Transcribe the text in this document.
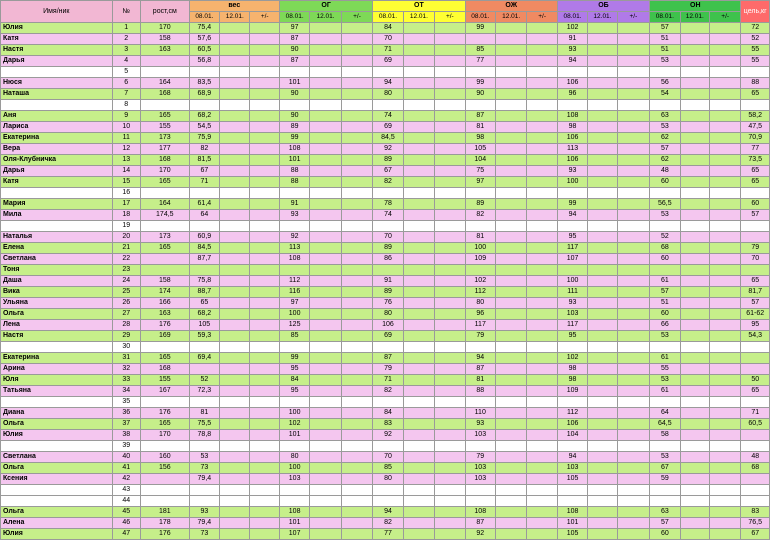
Имя/ник	№	рост,см	вес			ОГ			ОТ			ОЖ			ОБ			ОН			цель,кг
			08.01.	12.01.	+/-	08.01.	12.01.	+/-	08.01.	12.01.	+/-	08.01.	12.01.	+/-	08.01.	12.01.	+/-	08.01.	12.01.	+/-	
Юлия	1	170	75,4			97			84			99			102			57			72
Катя	2	158	57,6			87			70						91			51			52
Настя	3	163	60,5			90			71			85			93			51			55
Дарья	4		56,8			87			69			77			94			53			55
	5																				
Нюся	6	164	83,5			101			94			99			106			56			88
Наташа	7	168	68,9			90			80			90			96			54			65
	8																				
Аня	9	165	68,2			90			74			87			108			63			58,2
Лариса	10	155	54,5			89			69			81			98			53			47,5
Екатерина	11	173	75,9			99			84,5			98			106			62			70,9
Вера	12	177	82			108			92			105			113			57			77
Оля-Клубничка	13	168	81,5			101			89			104			106			62			73,5
Дарья	14	170	67			88			67			75			93			48			65
Катя	15	165	71			88			82			97			100			60			65
	16																				
Мария	17	164	61,4			91			78			89			99			56,5			60
Мила	18	174,5	64			93			74			82			94			53			57
	19																				
Наталья	20	173	60,9			92			70			81			95			52			
Елена	21	165	84,5			113			89			100			117			68			79
Светлана	22		87,7			108			86			109			107			60			70
Тоня	23																				
Даша	24	158	75,8			112			91			102			100			61			65
Вика	25	174	88,7			116			89			112			111			57			81,7
Ульяна	26	166	65			97			76			80			93			51			57
Ольга	27	163	68,2			100			80			96			103			60			61-62
Лена	28	176	105			125			106			117			117			66			95
Настя	29	169	59,3			85			69			79			95			53			54,3
	30																				
Екатерина	31	165	69,4			99			87			94			102			61			
Арина	32	168				95			79			87			98			55			
Юля	33	155	52			84			71			81			98			53			50
Татьяна	34	167	72,3			95			82			88			109			61			65
	35																				
Диана	36	176	81			100			84			110			112			64			71
Ольга	37	165	75,5			102			83			93			106			64,5			60,5
Юлия	38	170	78,8			101			92			103			104			58			
	39																				
Светлана	40	160	53			80			70			79			94			53			48
Ольга	41	156	73			100			85			103			103			67			68
Ксения	42		79,4			103			80			103			105			59			
	43																				
	44																				
Ольга	45	181	93			108			94			108			108			63			83
Алена	46	178	79,4			101			82			87			101			57			76,5
Юлия	47	176	73			107			77			92			105			60			67
